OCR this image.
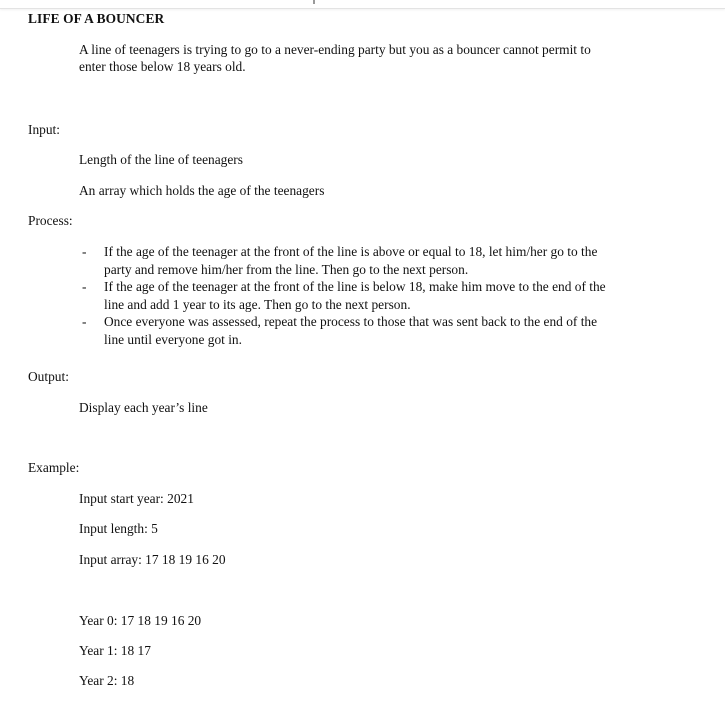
LIFE OF A BOUNCER
A line of teenagers is trying to go to a never-ending party but you as a bouncer cannot permit to
enter those below 18 years old.
Input:
Length of the line of teenagers
An array which holds the age of the teenagers
Process:
- If the age of the teenager at the front of the line is above or equal to 18, let him/her go to the
party and remove him/her from the line. Then go to the next person.
- If the age of the teenager at the front of the line is below 18, make him move to the end of the
line and add 1 year to its age. Then go to the next person.
- Once everyone was assessed, repeat the process to those that was sent back to the end of the
line until everyone got in.
Output:
Display each year’s line
Example:
Input start year: 2021
Input length: 5
Input array: 17 18 19 16 20
Year 0: 17 18 19 16 20
Year 1: 18 17
Year 2: 18
